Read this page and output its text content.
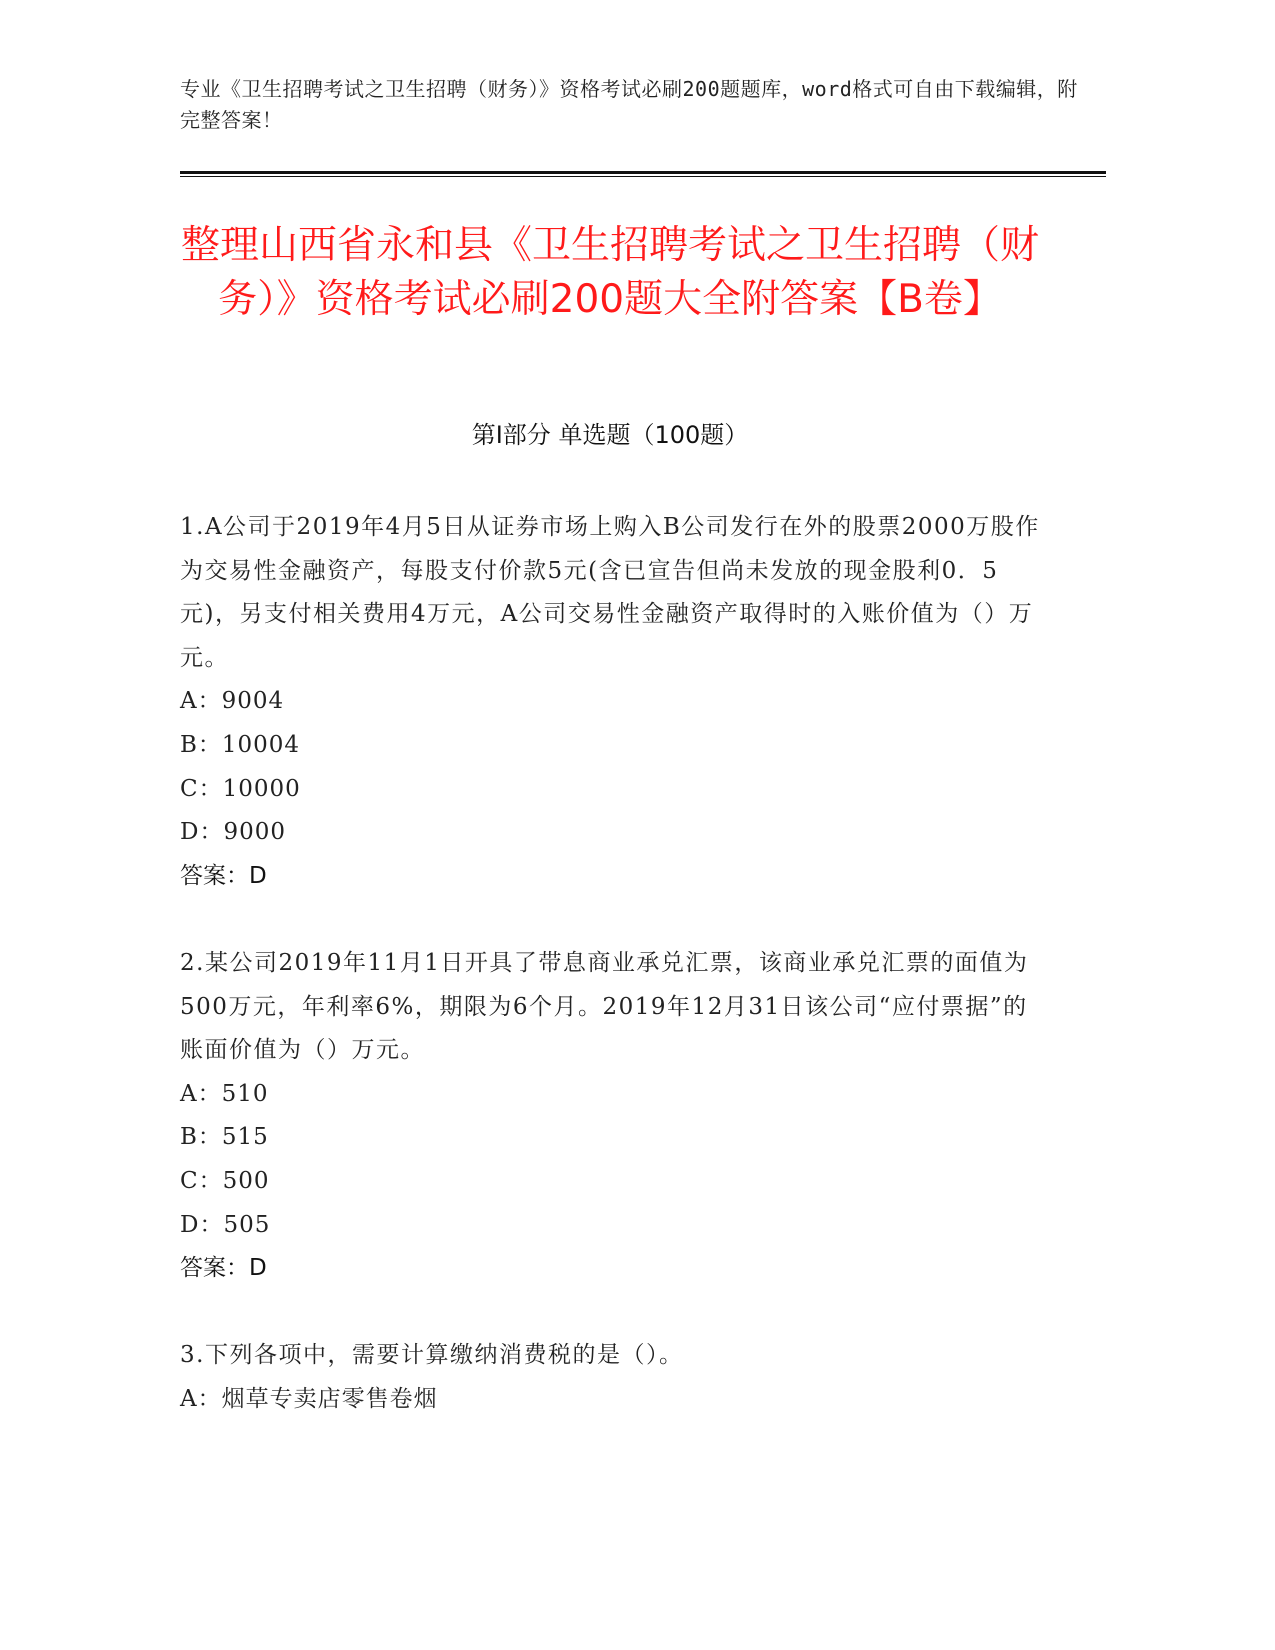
专业《卫生招聘考试之卫生招聘（财务）》资格考试必刷200题题库，word格式可自由下载编辑，附完整答案！
整理山西省永和县《卫生招聘考试之卫生招聘（财务）》资格考试必刷200题大全附答案【B卷】
第Ⅰ部分 单选题（100题）

1.A公司于2019年4月5日从证券市场上购入B公司发行在外的股票2000万股作为交易性金融资产，每股支付价款5元(含已宣告但尚未发放的现金股利0．5元)，另支付相关费用4万元，A公司交易性金融资产取得时的入账价值为（）万元。

A：9004

B：10004

C：10000

D：9000

答案：D

2.某公司2019年11月1日开具了带息商业承兑汇票，该商业承兑汇票的面值为500万元，年利率6%，期限为6个月。2019年12月31日该公司“应付票据”的账面价值为（）万元。

A：510

B：515

C：500

D：505

答案：D

3.下列各项中，需要计算缴纳消费税的是（）。

A：烟草专卖店零售卷烟
